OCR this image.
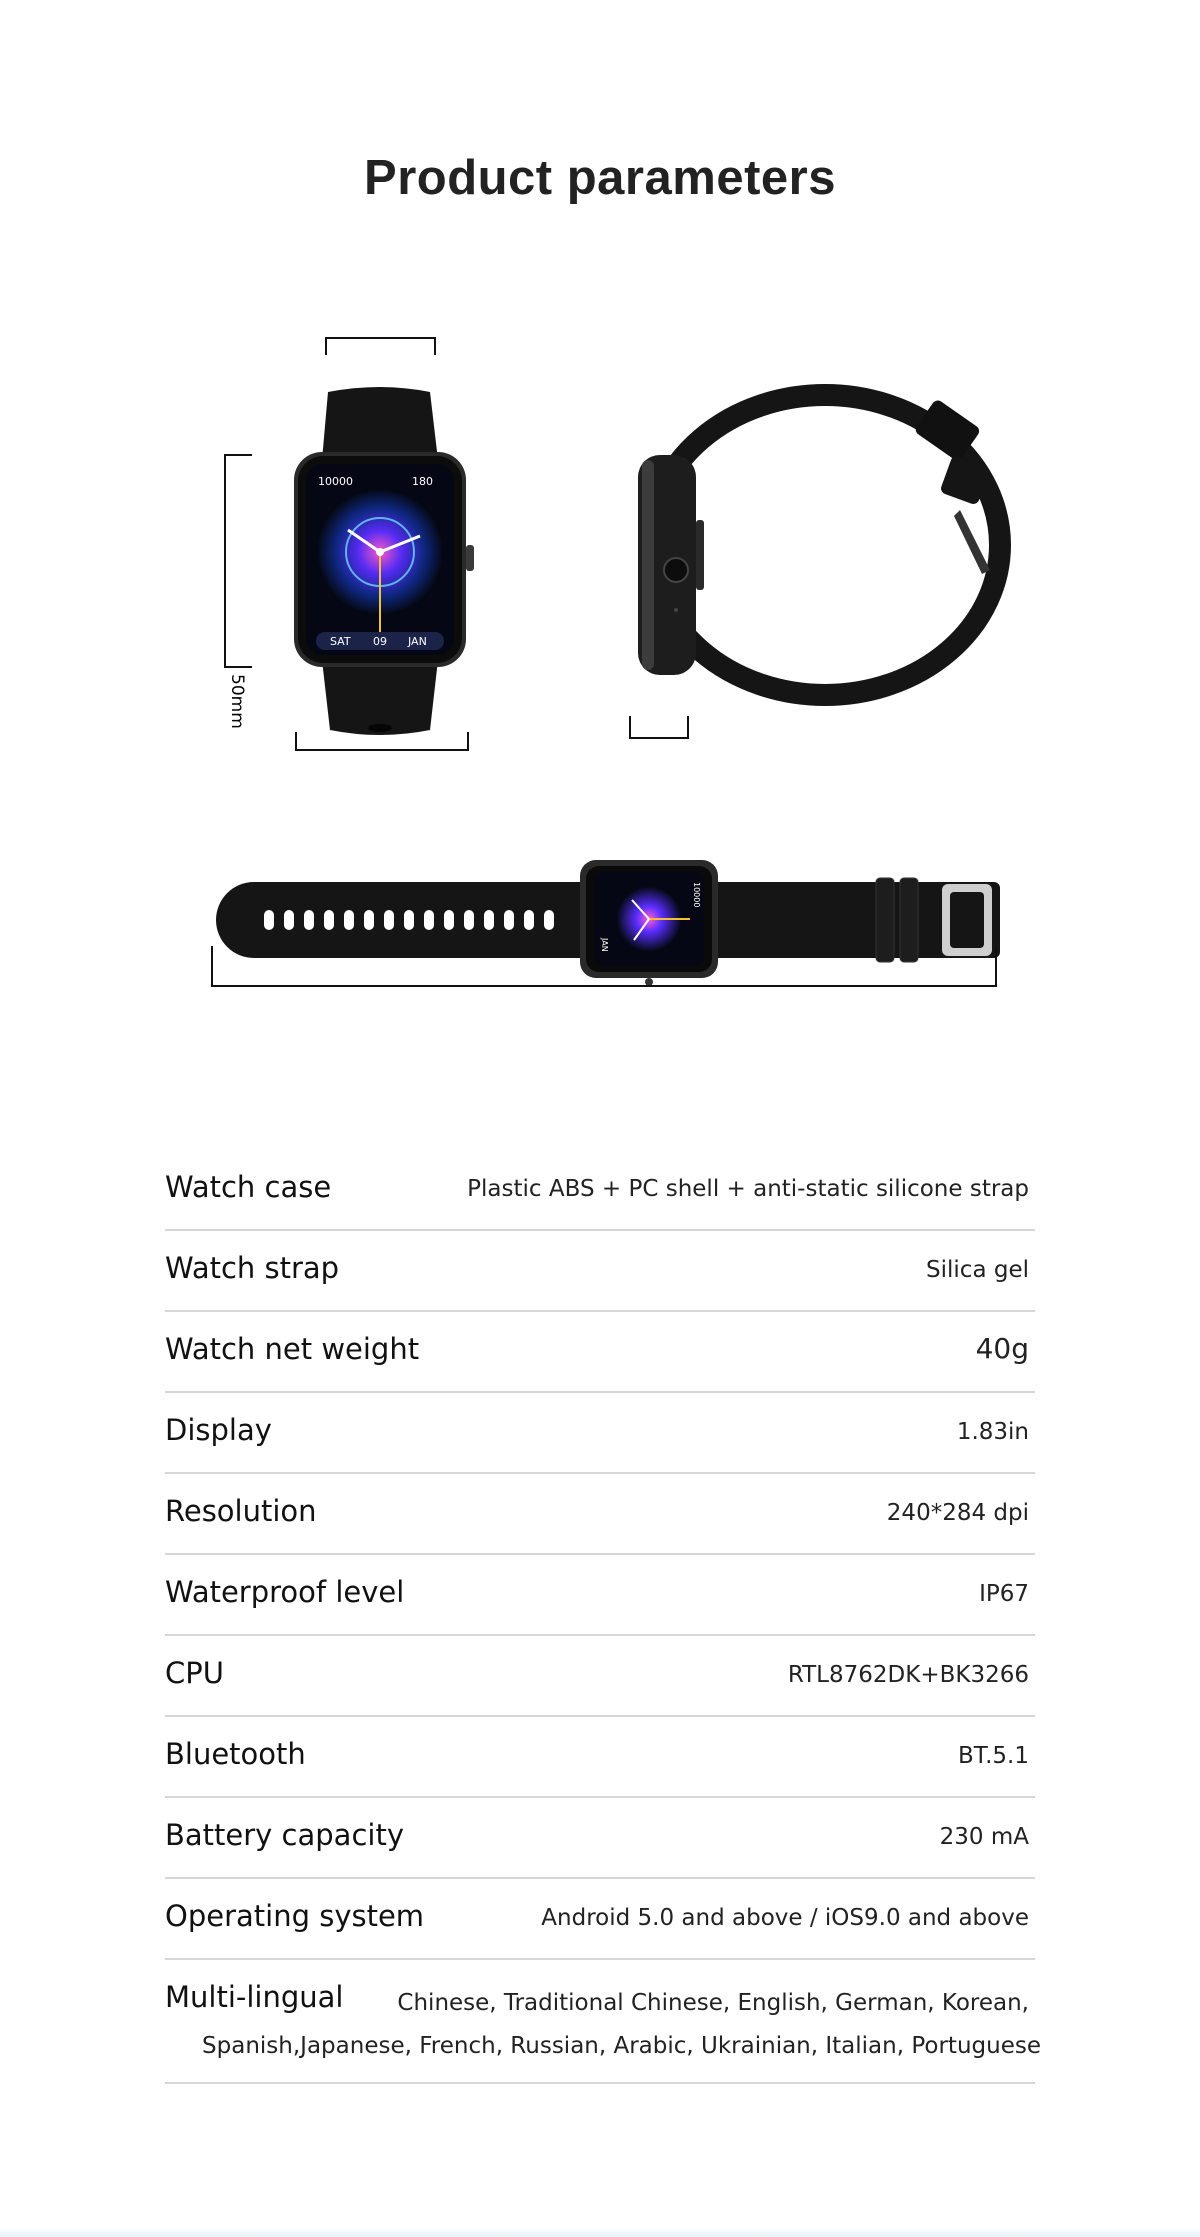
Product parameters
50mm
10000	180
SAT 09 JAN
10000
JAN
Watch case	Plastic ABS + PC shell + anti-static silicone strap
Watch strap	Silica gel
Watch net weight	40g
Display	1.83in
Resolution	240*284 dpi
Waterproof level	IP67
CPU	RTL8762DK+BK3266
Bluetooth	BT.5.1
Battery capacity	230 mA
Operating system	Android 5.0 and above / iOS9.0 and above
Multi-lingual	Chinese, Traditional Chinese, English, German, Korean,
Spanish,Japanese, French, Russian, Arabic, Ukrainian, Italian, Portuguese
